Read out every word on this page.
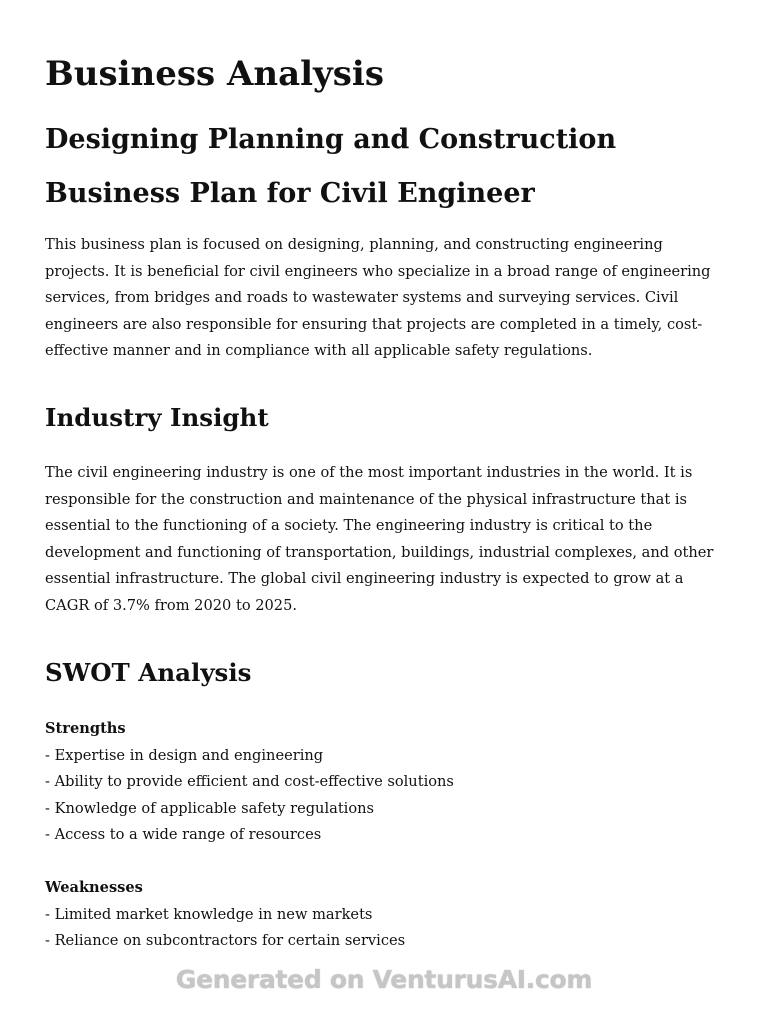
Business Analysis
Designing Planning and Construction Business Plan for Civil Engineer

This business plan is focused on designing, planning, and constructing engineering projects. It is beneficial for civil engineers who specialize in a broad range of engineering services, from bridges and roads to wastewater systems and surveying services. Civil engineers are also responsible for ensuring that projects are completed in a timely, cost-effective manner and in compliance with all applicable safety regulations.

Industry Insight

The civil engineering industry is one of the most important industries in the world. It is responsible for the construction and maintenance of the physical infrastructure that is essential to the functioning of a society. The engineering industry is critical to the development and functioning of transportation, buildings, industrial complexes, and other essential infrastructure. The global civil engineering industry is expected to grow at a CAGR of 3.7% from 2020 to 2025.

SWOT Analysis
Strengths
- Expertise in design and engineering
- Ability to provide efficient and cost-effective solutions
- Knowledge of applicable safety regulations
- Access to a wide range of resources
Weaknesses
- Limited market knowledge in new markets
- Reliance on subcontractors for certain services
Generated on VenturusAI.com
